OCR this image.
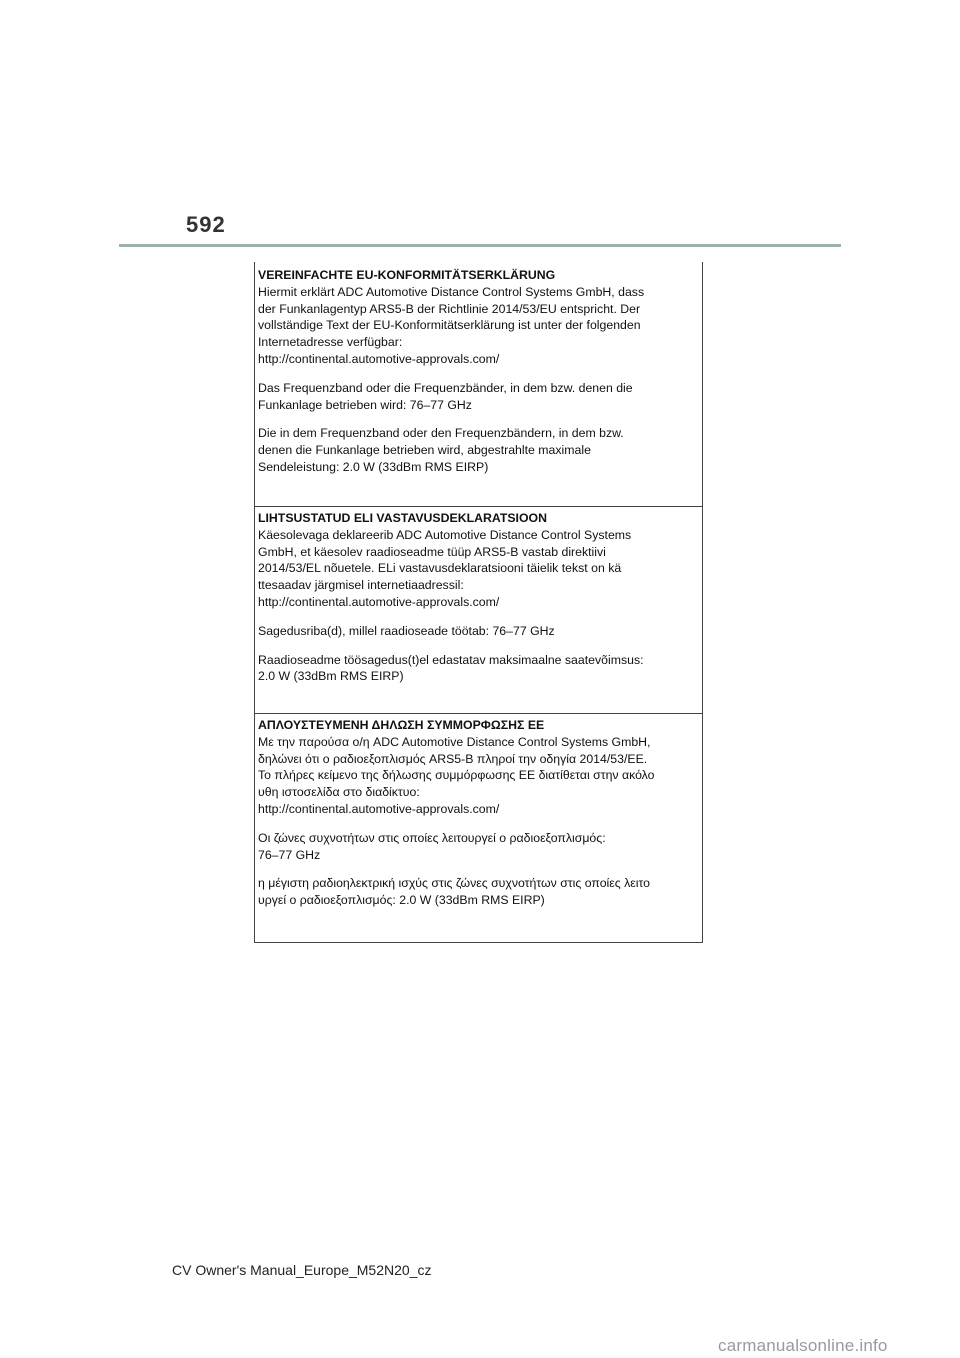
592
VEREINFACHTE EU-KONFORMITÄTSERKLÄRUNG
Hiermit erklärt ADC Automotive Distance Control Systems GmbH, dass
der Funkanlagentyp ARS5-B der Richtlinie 2014/53/EU entspricht. Der
vollständige Text der EU-Konformitätserklärung ist unter der folgenden
Internetadresse verfügbar:
http://continental.automotive-approvals.com/
Das Frequenzband oder die Frequenzbänder, in dem bzw. denen die
Funkanlage betrieben wird: 76–77 GHz
Die in dem Frequenzband oder den Frequenzbändern, in dem bzw.
denen die Funkanlage betrieben wird, abgestrahlte maximale
Sendeleistung: 2.0 W (33dBm RMS EIRP)
LIHTSUSTATUD ELI VASTAVUSDEKLARATSIOON
Käesolevaga deklareerib ADC Automotive Distance Control Systems
GmbH, et käesolev raadioseadme tüüp ARS5-B vastab direktiivi
2014/53/EL nõuetele. ELi vastavusdeklaratsiooni täielik tekst on kä
ttesaadav järgmisel internetiaadressil:
http://continental.automotive-approvals.com/
Sagedusriba(d), millel raadioseade töötab: 76–77 GHz
Raadioseadme töösagedus(t)el edastatav maksimaalne saatevõimsus:
2.0 W (33dBm RMS EIRP)
ΑΠΛΟΥΣΤΕΥΜΕΝΗ ΔΗΛΩΣΗ ΣΥΜΜΟΡΦΩΣΗΣ ΕΕ
Με την παρούσα ο/η ADC Automotive Distance Control Systems GmbH,
δηλώνει ότι ο ραδιοεξοπλισμός ARS5-B πληροί την οδηγία 2014/53/ΕΕ.
Το πλήρες κείμενο της δήλωσης συμμόρφωσης ΕΕ διατίθεται στην ακόλο
υθη ιστοσελίδα στο διαδίκτυο:
http://continental.automotive-approvals.com/
Οι ζώνες συχνοτήτων στις οποίες λειτουργεί ο ραδιοεξοπλισμός:
76–77 GHz
η μέγιστη ραδιοηλεκτρική ισχύς στις ζώνες συχνοτήτων στις οποίες λειτο
υργεί ο ραδιοεξοπλισμός: 2.0 W (33dBm RMS EIRP)
CV Owner's Manual_Europe_M52N20_cz
carmanualsonline.info
